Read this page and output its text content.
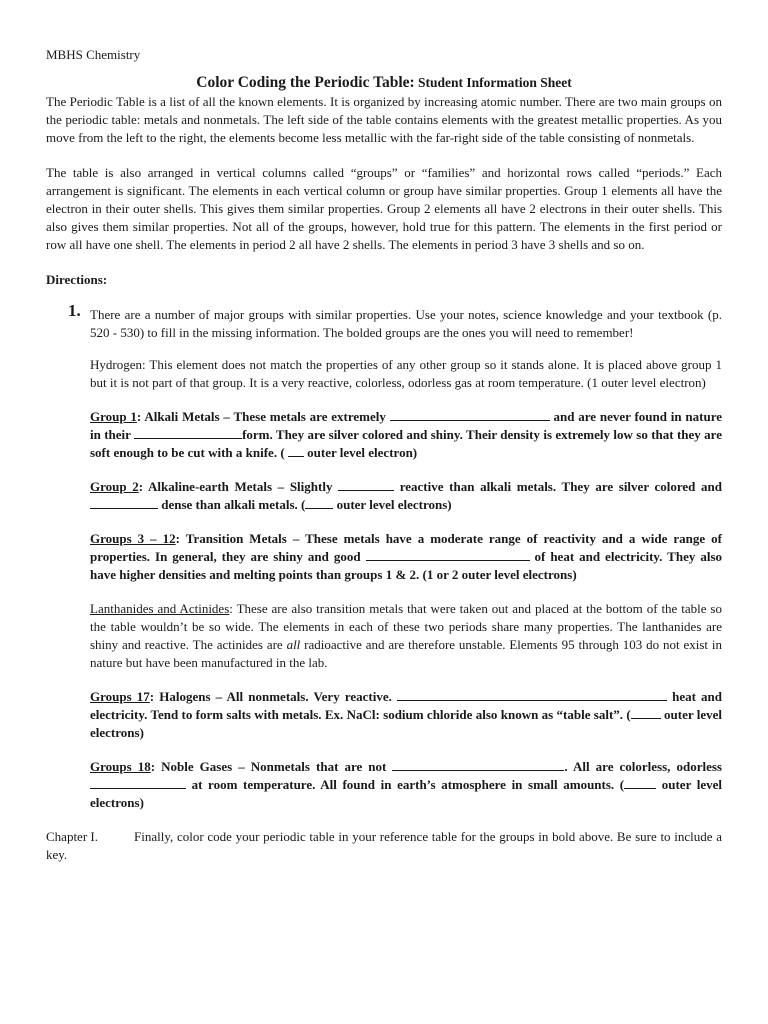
MBHS Chemistry
Color Coding the Periodic Table: Student Information Sheet

The Periodic Table is a list of all the known elements. It is organized by increasing atomic number. There are two main groups on the periodic table: metals and nonmetals. The left side of the table contains elements with the greatest metallic properties. As you move from the left to the right, the elements become less metallic with the far-right side of the table consisting of nonmetals.

The table is also arranged in vertical columns called “groups” or “families” and horizontal rows called “periods.” Each arrangement is significant. The elements in each vertical column or group have similar properties. Group 1 elements all have the electron in their outer shells. This gives them similar properties. Group 2 elements all have 2 electrons in their outer shells. This also gives them similar properties. Not all of the groups, however, hold true for this pattern. The elements in the first period or row all have one shell. The elements in period 2 all have 2 shells. The elements in period 3 have 3 shells and so on.

Directions:
1. There are a number of major groups with similar properties. Use your notes, science knowledge and your textbook (p. 520 - 530) to fill in the missing information. The bolded groups are the ones you will need to remember!

Hydrogen: This element does not match the properties of any other group so it stands alone. It is placed above group 1 but it is not part of that group. It is a very reactive, colorless, odorless gas at room temperature. (1 outer level electron)

Group 1: Alkali Metals – These metals are extremely	and are never found in nature in their	form. They are silver colored and shiny. Their density is extremely low so that they are soft enough to be cut with a knife. (  outer level electron)

Group 2: Alkaline-earth Metals – Slightly	reactive than alkali metals. They are silver colored and  dense than alkali metals. ( outer level electrons)

Groups 3 – 12: Transition Metals – These metals have a moderate range of reactivity and a wide range of properties. In general, they are shiny and good	of heat and electricity. They also have higher densities and melting points than groups 1 & 2. (1 or 2 outer level electrons)

Lanthanides and Actinides: These are also transition metals that were taken out and placed at the bottom of the table so the table wouldn’t be so wide. The elements in each of these two periods share many properties. The lanthanides are shiny and reactive. The actinides are all radioactive and are therefore unstable. Elements 95 through 103 do not exist in nature but have been manufactured in the lab.

Groups 17: Halogens – All nonmetals. Very reactive.	heat and electricity. Tend to form salts with metals. Ex. NaCl: sodium chloride also known as “table salt”. ( outer level electrons)

Groups 18: Noble Gases – Nonmetals that are not	. All are colorless, odorless  at room temperature. All found in earth’s atmosphere in small amounts. ( outer level electrons)

Chapter I.	Finally, color code your periodic table in your reference table for the groups in bold above. Be sure to include a key.
